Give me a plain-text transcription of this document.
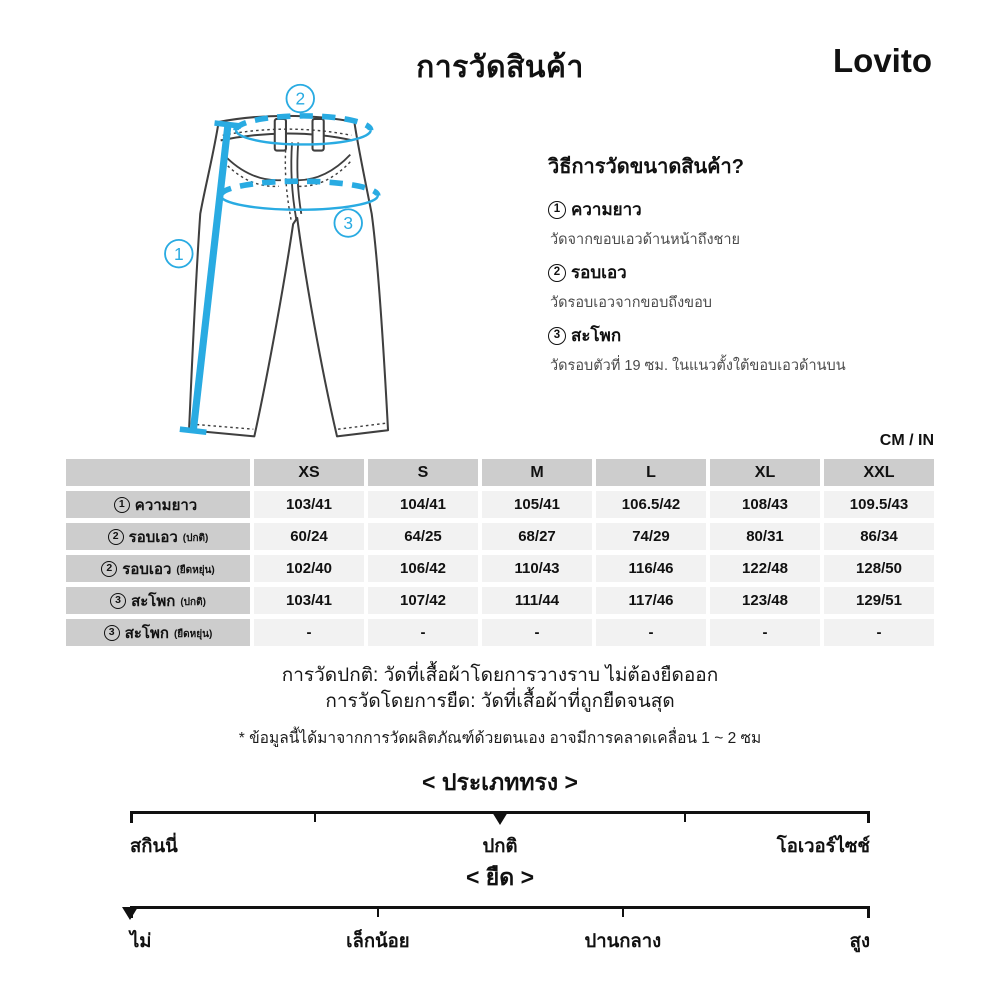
การวัดสินค้า	Lovito
2
1
3
วิธีการวัดขนาดสินค้า?
1 ความยาว
วัดจากขอบเอวด้านหน้าถึงชาย
2 รอบเอว
วัดรอบเอวจากขอบถึงขอบ
3 สะโพก
วัดรอบตัวที่ 19 ซม. ในแนวตั้งใต้ขอบเอวด้านบน
CM / IN
XS	S	M	L	XL	XXL
1 ความยาว	103/41	104/41	105/41	106.5/42	108/43	109.5/43
2 รอบเอว (ปกติ)	60/24	64/25	68/27	74/29	80/31	86/34
2 รอบเอว (ยืดหยุ่น)	102/40	106/42	110/43	116/46	122/48	128/50
3 สะโพก (ปกติ)	103/41	107/42	111/44	117/46	123/48	129/51
3 สะโพก (ยืดหยุ่น)	-	-	-	-	-	-
การวัดปกติ: วัดที่เสื้อผ้าโดยการวางราบ ไม่ต้องยืดออก
การวัดโดยการยืด: วัดที่เสื้อผ้าที่ถูกยืดจนสุด
* ข้อมูลนี้ได้มาจากการวัดผลิตภัณฑ์ด้วยตนเอง อาจมีการคลาดเคลื่อน 1 ~ 2 ซม
< ประเภททรง >
สกินนี่	ปกติ	โอเวอร์ไซช์
< ยืด >
ไม่	เล็กน้อย	ปานกลาง	สูง
